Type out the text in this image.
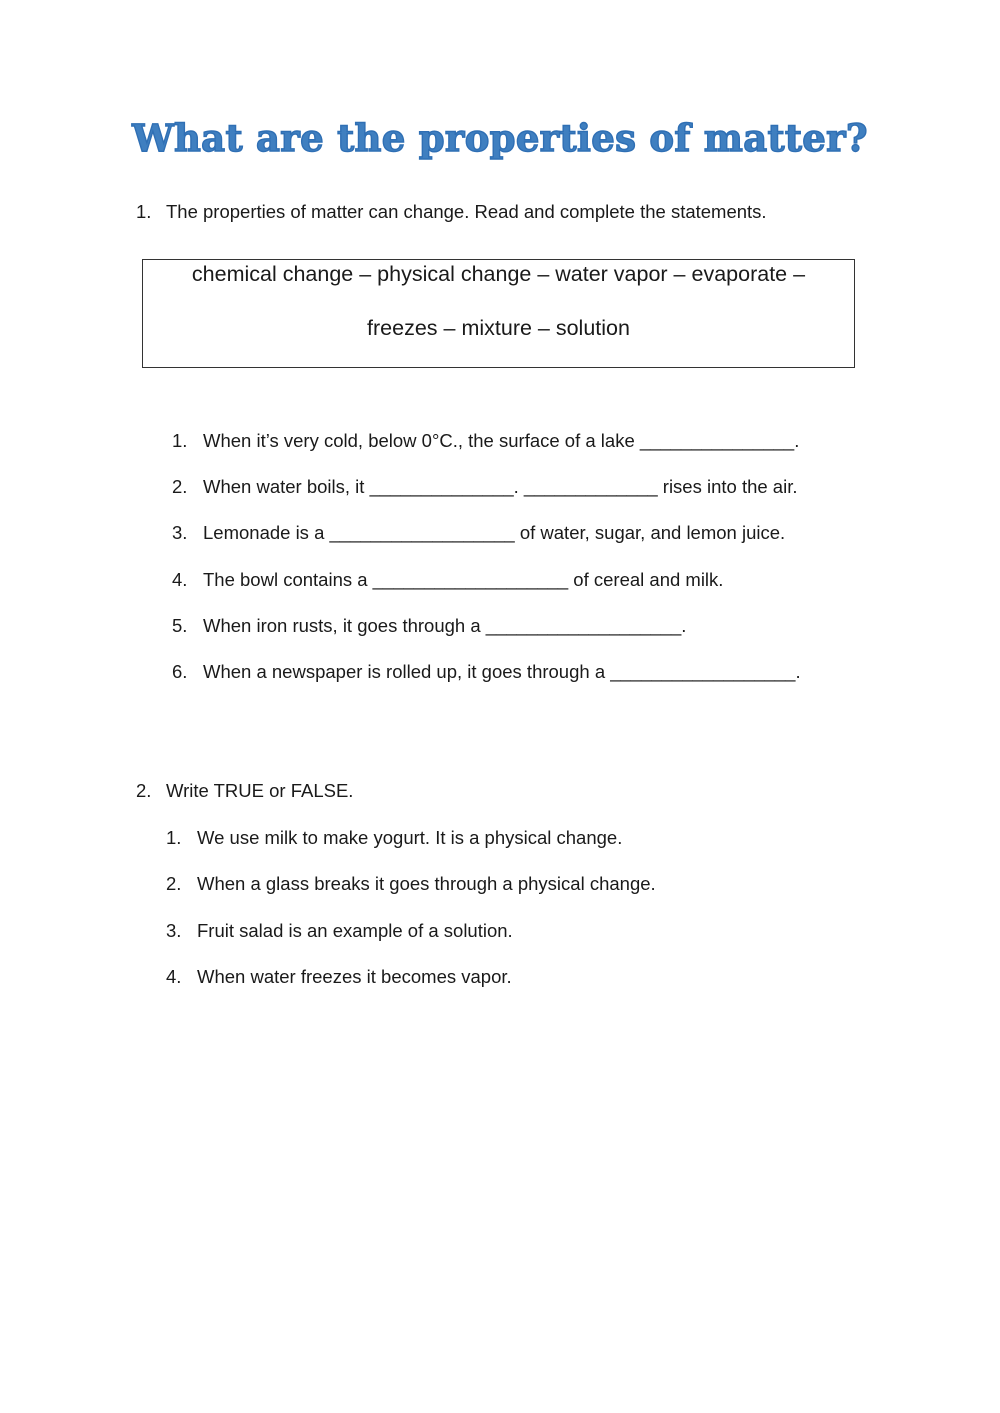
What are the properties of matter?
1. The properties of matter can change. Read and complete the statements.
chemical change – physical change – water vapor – evaporate –
freezes – mixture – solution
1. When it’s very cold, below 0°C., the surface of a lake _______________.
2. When water boils, it ______________. _____________ rises into the air.
3. Lemonade is a __________________ of water, sugar, and lemon juice.
4. The bowl contains a ___________________ of cereal and milk.
5. When iron rusts, it goes through a ___________________.
6. When a newspaper is rolled up, it goes through a __________________.
2. Write TRUE or FALSE.
1. We use milk to make yogurt. It is a physical change.
2. When a glass breaks it goes through a physical change.
3. Fruit salad is an example of a solution.
4. When water freezes it becomes vapor.
